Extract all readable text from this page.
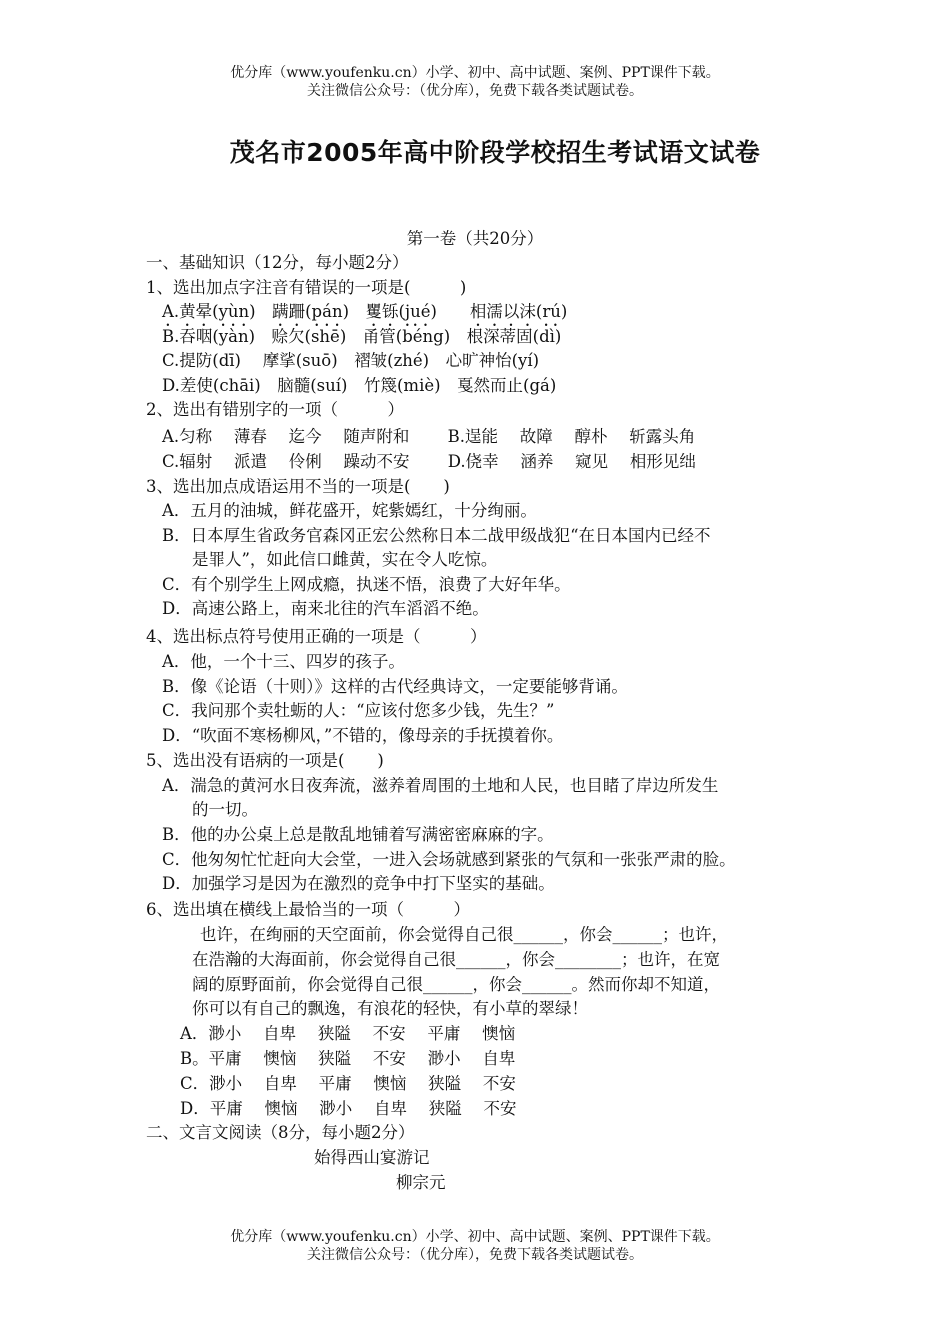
优分库（www.youfenku.cn）小学、初中、高中试题、案例、PPT课件下载。
关注微信公众号：（优分库），免费下载各类试题试卷。
茂名市2005年高中阶段学校招生考试语文试卷
第一卷（共20分）
一、基础知识（12分，每小题2分）
1、选出加点字注音有错误的一项是(　　　)
A.黄晕(yùn)　蹒跚(pán)　矍铄(jué)　　相濡以沫(rú)
B.吞咽(yàn)　赊欠(shē)　甬管(béng)　根深蒂固(dì)
C.提防(dī)　 摩挲(suō)　褶皱(zhé)　心旷神怡(yí)
D.差使(chāi)　脑髓(suí)　竹篾(miè)　戛然而止(gá)
2、选出有错别字的一项（　　　）
A.匀称　 薄春　 迄今　 随声附和　　 B.逞能　 故障　 醇朴　 斩露头角
C.辐射　 派遣　 伶俐　 躁动不安　　 D.侥幸　 涵养　 窥见　 相形见绌
3、选出加点成语运用不当的一项是(　　)
A．五月的油城，鲜花盛开，姹紫嫣红，十分绚丽。
B．日本厚生省政务官森冈正宏公然称日本二战甲级战犯“在日本国内已经不
是罪人”，如此信口雌黄，实在令人吃惊。
C．有个别学生上网成瘾，执迷不悟，浪费了大好年华。
D．高速公路上，南来北往的汽车滔滔不绝。
4、选出标点符号使用正确的一项是（　　　）
A．他，一个十三、四岁的孩子。
B．像《论语（十则）》这样的古代经典诗文，一定要能够背诵。
C．我问那个卖牡蛎的人：“应该付您多少钱，先生？”
D．“吹面不寒杨柳风，”不错的，像母亲的手抚摸着你。
5、选出没有语病的一项是(　　)
A．湍急的黄河水日夜奔流，滋养着周围的土地和人民，也目睹了岸边所发生
的一切。
B．他的办公桌上总是散乱地铺着写满密密麻麻的字。
C．他匆匆忙忙赶向大会堂，一进入会场就感到紧张的气氛和一张张严肃的脸。
D．加强学习是因为在激烈的竞争中打下坚实的基础。
6、选出填在横线上最恰当的一项（　　　）
也许，在绚丽的天空面前，你会觉得自己很______，你会______；也许，
在浩瀚的大海面前，你会觉得自己很______，你会________；也许，在宽
阔的原野面前，你会觉得自己很______，你会______。然而你却不知道，
你可以有自己的飘逸，有浪花的轻快，有小草的翠绿！
A．渺小　 自卑　 狭隘　 不安　 平庸　 懊恼
B。平庸　 懊恼　 狭隘　 不安　 渺小　 自卑
C．渺小　 自卑　 平庸　 懊恼　 狭隘　 不安
D．平庸　 懊恼　 渺小　 自卑　 狭隘　 不安
二、文言文阅读（8分，每小题2分）
始得西山宴游记
柳宗元
优分库（www.youfenku.cn）小学、初中、高中试题、案例、PPT课件下载。
关注微信公众号：（优分库），免费下载各类试题试卷。
